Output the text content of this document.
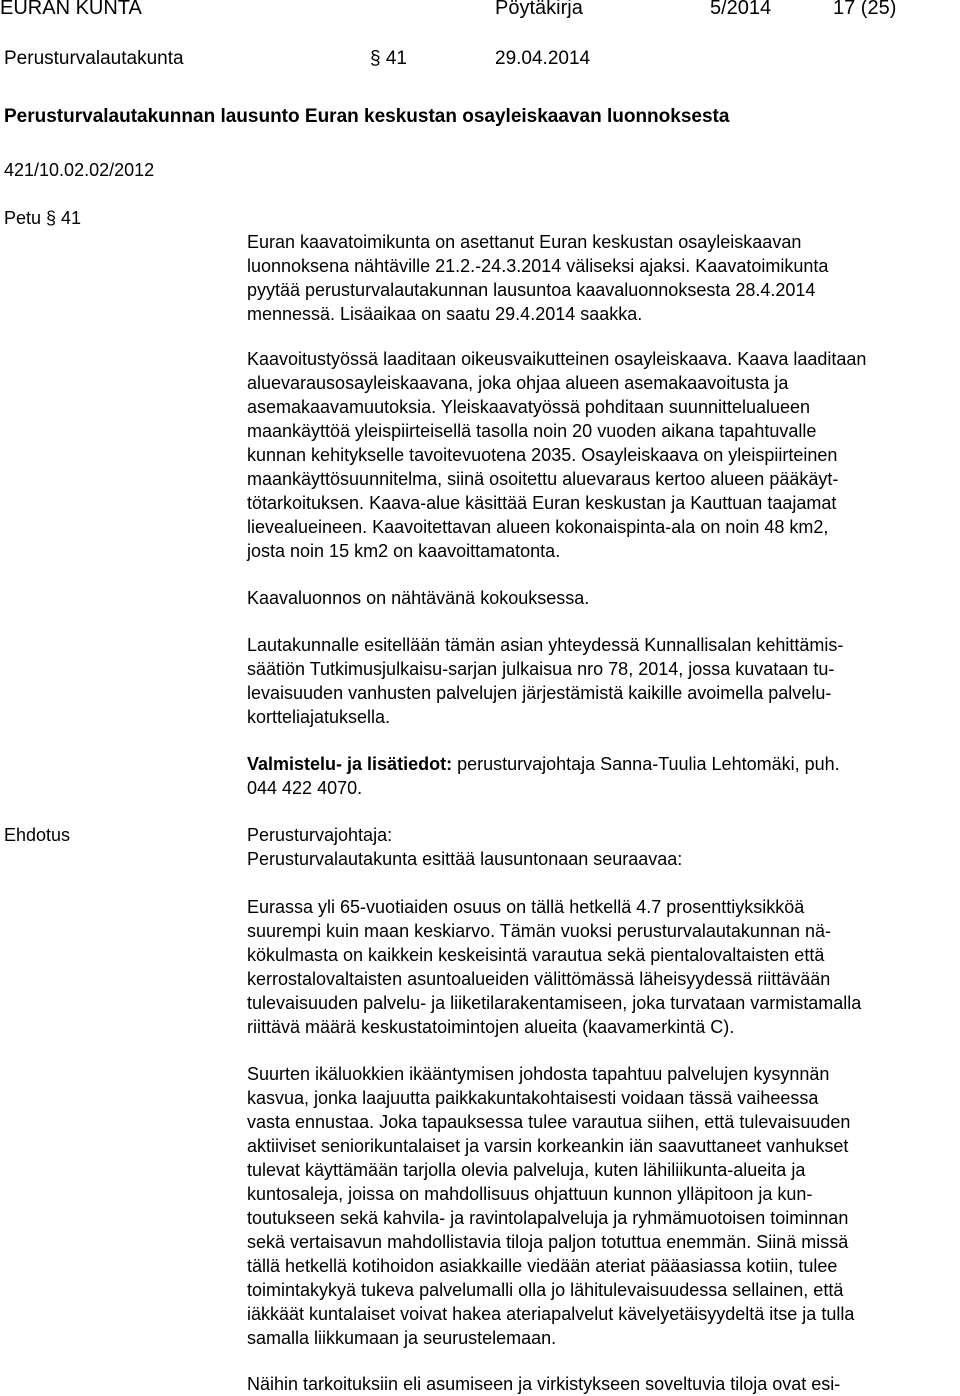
EURAN KUNTA	Pöytäkirja	5/2014	17 (25)
Perusturvalautakunta	§ 41	29.04.2014
Perusturvalautakunnan lausunto Euran keskustan osayleiskaavan luonnoksesta
421/10.02.02/2012
Petu § 41
Euran kaavatoimikunta on asettanut Euran keskustan osayleiskaavan
luonnoksena nähtäville 21.2.-24.3.2014 väliseksi ajaksi. Kaavatoimikunta
pyytää perusturvalautakunnan lausuntoa kaavaluonnoksesta 28.4.2014
mennessä. Lisäaikaa on saatu 29.4.2014 saakka.
Kaavoitustyössä laaditaan oikeusvaikutteinen osayleiskaava. Kaava laaditaan
aluevarausosayleiskaavana, joka ohjaa alueen asemakaavoitusta ja
asemakaavamuutoksia. Yleiskaavatyössä pohditaan suunnittelualueen
maankäyttöä yleispiirteisellä tasolla noin 20 vuoden aikana tapahtuvalle
kunnan kehitykselle tavoitevuotena 2035. Osayleiskaava on yleispiirteinen
maankäyttösuunnitelma, siinä osoitettu aluevaraus kertoo alueen pääkäyt-
tötarkoituksen. Kaava-alue käsittää Euran keskustan ja Kauttuan taajamat
lievealueineen. Kaavoitettavan alueen kokonaispinta-ala on noin 48 km2,
josta noin 15 km2 on kaavoittamatonta.
Kaavaluonnos on nähtävänä kokouksessa.
Lautakunnalle esitellään tämän asian yhteydessä Kunnallisalan kehittämis-
säätiön Tutkimusjulkaisu-sarjan julkaisua nro 78, 2014, jossa kuvataan tu-
levaisuuden vanhusten palvelujen järjestämistä kaikille avoimella palvelu-
kortteliajatuksella.
Valmistelu- ja lisätiedot: perusturvajohtaja Sanna-Tuulia Lehtomäki, puh.
044 422 4070.
Ehdotus	Perusturvajohtaja:
Perusturvalautakunta esittää lausuntonaan seuraavaa:
Eurassa yli 65-vuotiaiden osuus on tällä hetkellä 4.7 prosenttiyksikköä
suurempi kuin maan keskiarvo. Tämän vuoksi perusturvalautakunnan nä-
kökulmasta on kaikkein keskeisintä varautua sekä pientalovaltaisten että
kerrostalovaltaisten asuntoalueiden välittömässä läheisyydessä riittävään
tulevaisuuden palvelu- ja liiketilarakentamiseen, joka turvataan varmistamalla
riittävä määrä keskustatoimintojen alueita (kaavamerkintä C).
Suurten ikäluokkien ikääntymisen johdosta tapahtuu palvelujen kysynnän
kasvua, jonka laajuutta paikkakuntakohtaisesti voidaan tässä vaiheessa
vasta ennustaa. Joka tapauksessa tulee varautua siihen, että tulevaisuuden
aktiiviset seniorikuntalaiset ja varsin korkeankin iän saavuttaneet vanhukset
tulevat käyttämään tarjolla olevia palveluja, kuten lähiliikunta-alueita ja
kuntosaleja, joissa on mahdollisuus ohjattuun kunnon ylläpitoon ja kun-
toutukseen sekä kahvila- ja ravintolapalveluja ja ryhmämuotoisen toiminnan
sekä vertaisavun mahdollistavia tiloja paljon totuttua enemmän. Siinä missä
tällä hetkellä kotihoidon asiakkaille viedään ateriat pääasiassa kotiin, tulee
toimintakykyä tukeva palvelumalli olla jo lähitulevaisuudessa sellainen, että
iäkkäät kuntalaiset voivat hakea ateriapalvelut kävelyetäisyydeltä itse ja tulla
samalla liikkumaan ja seurustelemaan.
Näihin tarkoituksiin eli asumiseen ja virkistykseen soveltuvia tiloja ovat esi-
